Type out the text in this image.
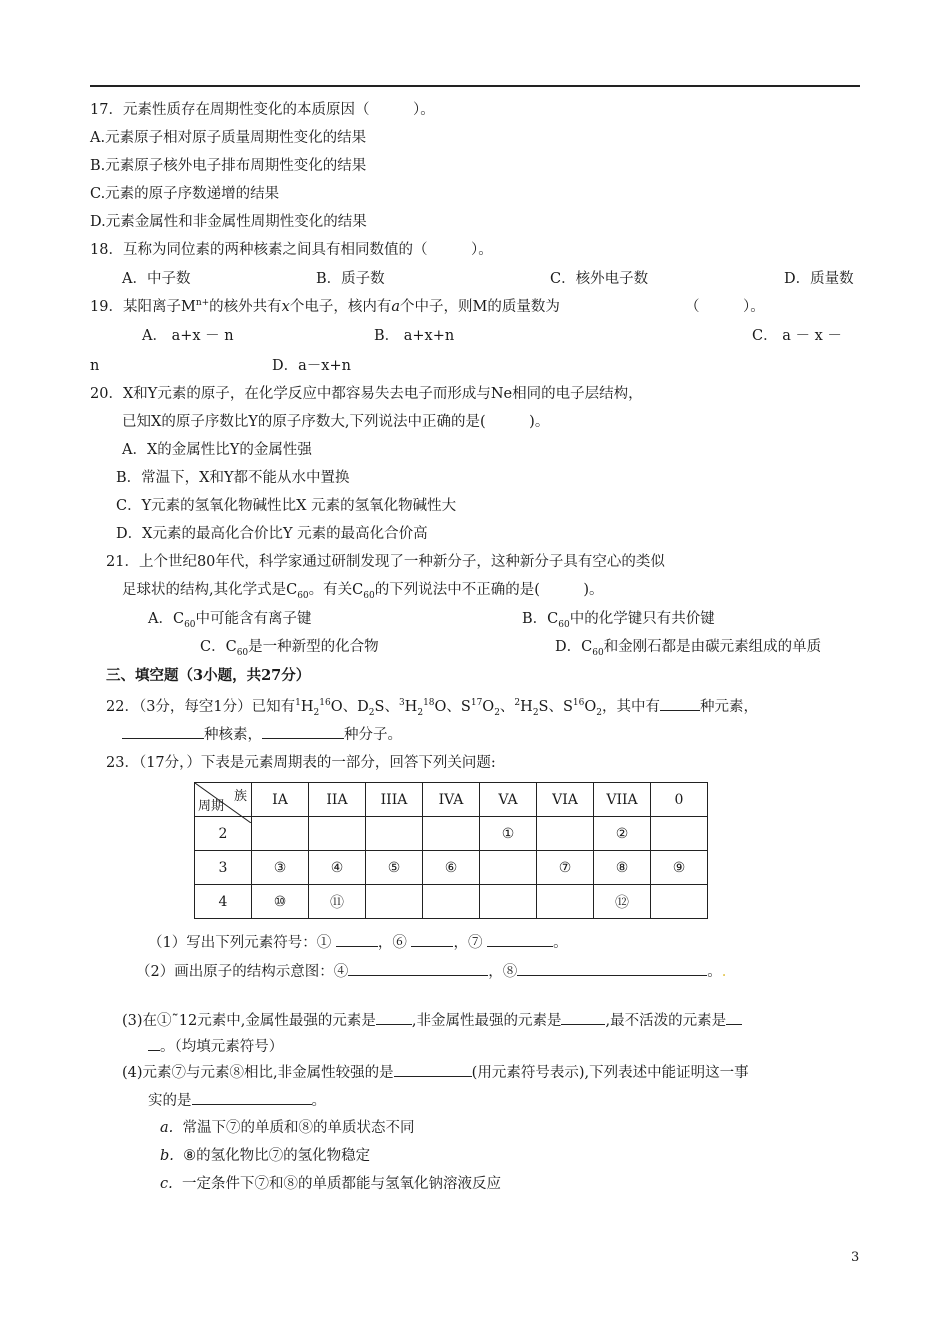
17．元素性质存在周期性变化的本质原因（　　　）。
A.元素原子相对原子质量周期性变化的结果
B.元素原子核外电子排布周期性变化的结果
C.元素的原子序数递增的结果
D.元素金属性和非金属性周期性变化的结果
18．互称为同位素的两种核素之间具有相同数值的（　　　）。
A．中子数	B．质子数	C．核外电子数	D．质量数
19．某阳离子$M^{n+}$的核外共有x个电子，核内有a个中子，则M的质量数为	（　　　）。
A． a+x － n	B． a+x+n	C． a － x －
n	D．a－x+n
20．X和Y元素的原子，在化学反应中都容易失去电子而形成与Ne相同的电子层结构，
已知X的原子序数比Y的原子序数大,下列说法中正确的是(　　　)。
A．X的金属性比Y的金属性强
B．常温下，X和Y都不能从水中置换
C．Y元素的氢氧化物碱性比X 元素的氢氧化物碱性大
D．X元素的最高化合价比Y 元素的最高化合价高
21．上个世纪80年代，科学家通过研制发现了一种新分子，这种新分子具有空心的类似
足球状的结构,其化学式是$C_{60}$。有关$C_{60}$的下列说法中不正确的是(　　　)。
A．$C_{60}$中可能含有离子键	B．$C_{60}$中的化学键只有共价键
C．$C_{60}$是一种新型的化合物	D．$C_{60}$和金刚石都是由碳元素组成的单质
三、填空题（3小题，共27分）
22．（3分，每空1分）已知有$^1H_2^{16}O$、$D_2S$、$^3H_2^{18}O$、$S^{17}O_2$、$^2H_2S$、$S^{16}O_2$，其中有	种元素，
种核素，	种分子。
23．（17分，）下表是元素周期表的一部分，回答下列关问题:
族
周期	IA	IIA	IIIA	IVA	VA	VIA	VIIA	0
2					①		②	
3	③	④	⑤	⑥		⑦	⑧	⑨
4	⑩	⑪					⑫	
（1）写出下列元素符号：①	，⑥	，⑦	。
（2）画出原子的结构示意图：④	，⑧	。.
(3)在①˜12元素中,金属性最强的元素是 ,非金属性最强的元素是	,最不活泼的元素是
。（均填元素符号）
(4)元素⑦与元素⑧相比,非金属性较强的是	(用元素符号表示),下列表述中能证明这一事
实的是	。
a. 常温下⑦的单质和⑧的单质状态不同
b. ⑧的氢化物比⑦的氢化物稳定
c. 一定条件下⑦和⑧的单质都能与氢氧化钠溶液反应
3
